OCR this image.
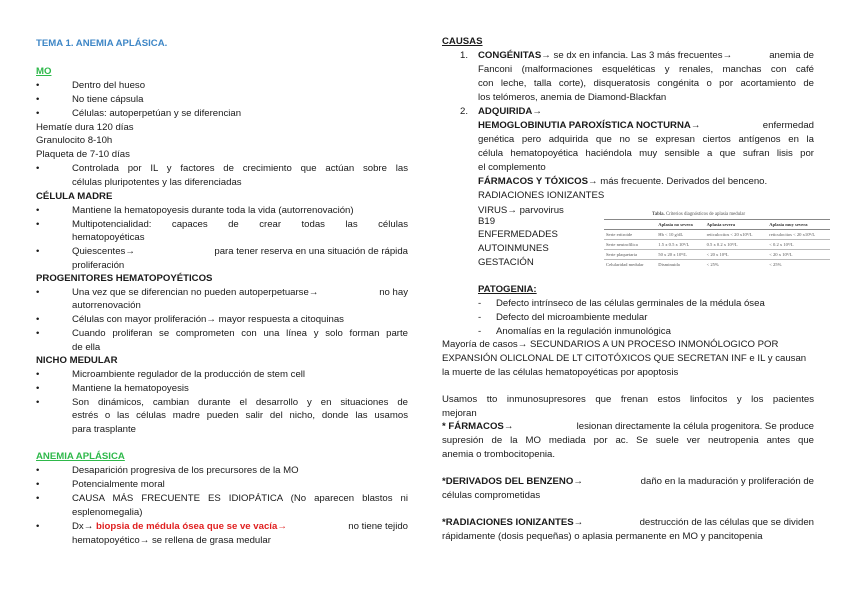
TEMA 1. ANEMIA APLÁSICA.
MO
•	Dentro del hueso
•	No tiene cápsula
•	Células: autoperpetúan y se diferencian
Hematíe dura 120 días
Granulocito 8-10h
Plaqueta de 7-10 días
•	Controlada por IL y factores de crecimiento que actúan sobre las
células pluripotentes y las diferenciadas
CÉLULA MADRE
•	Mantiene la hematopoyesis durante toda la vida (autorrenovación)
•	Multipotencialidad: capaces de crear todas las células
hematopoyéticas
•	Quiescentes→	para tener reserva en una situación de rápida
proliferación
PROGENITORES HEMATOPOYÉTICOS
•	Una vez que se diferencian no pueden autoperpetuarse→	no hay
autorrenovación
•	Células con mayor proliferación→ mayor respuesta a citoquinas
•	Cuando proliferan se comprometen con una línea y solo forman parte
de ella
NICHO MEDULAR
•	Microambiente regulador de la producción de stem cell
•	Mantiene la hematopoyesis
•	Son dinámicos, cambian durante el desarrollo y en situaciones de
estrés o las células madre pueden salir del nicho, donde las usamos
para trasplante
ANEMIA APLÁSICA
•	Desaparición progresiva de los precursores de la MO
•	Potencialmente moral
•	CAUSA MÁS FRECUENTE ES IDIOPÁTICA (No aparecen blastos ni
esplenomegalia)
•	Dx→ biopsia de médula ósea que se ve vacía→	no tiene tejido
hematopoyético→ se rellena de grasa medular
CAUSAS
1. CONGÉNITAS→ se dx en infancia. Las 3 más frecuentes→	anemia de
Fanconi (malformaciones esqueléticas y renales, manchas con café
con leche, talla corte), disqueratosis congénita o por acortamiento de
los telómeros, anemia de Diamond-Blackfan
2. ADQUIRIDA→
HEMOGLOBINUTIA PAROXÍSTICA NOCTURNA→	enfermedad
genética pero adquirida que no se expresan ciertos antígenos en la
célula hematopoyética haciéndola muy sensible a que sufran lisis por
el complemento
FÁRMACOS Y TÓXICOS→ más frecuente. Derivados del benceno.
RADIACIONES IONIZANTES
VIRUS→ parvovirus
B19
ENFERMEDADES
AUTOINMUNES
GESTACIÓN
Tabla. Criterios diagnósticos de aplasia medular
	Aplasia no severa	Aplasia severa	Aplasia muy severa
Serie eritroide	Hb < 10 g/dL	reticulocitos < 20 x10⁹/L	reticulocitos < 20 x10⁹/L
Serie neutrofílica	1.5 x 0.5 x 10⁹/L	0.5 x 0.2 x 10⁹/L	< 0.2 x 10⁹/L
Serie plaquetaria	50 x 20 x 10⁹/L	< 20 x 10⁹L	< 20 x 10⁹/L
Celularidad medular	Disminuida	< 25%	< 25%
PATOGENIA:
- Defecto intrínseco de las células germinales de la médula ósea
- Defecto del microambiente medular
- Anomalías en la regulación inmunológica
Mayoría de casos→ SECUNDARIOS A UN PROCESO INMONÓLOGICO POR
EXPANSIÓN OLICLONAL DE LT CITOTÓXICOS QUE SECRETAN INF e IL y causan
la muerte de las células hematopoyéticas por apoptosis
Usamos tto inmunosupresores que frenan estos linfocitos y los pacientes
mejoran
* FÁRMACOS→	lesionan directamente la célula progenitora. Se produce
supresión de la MO mediada por ac. Se suele ver neutropenia antes que
anemia o trombocitopenia.
*DERIVADOS DEL BENZENO→	daño en la maduración y proliferación de
células comprometidas
*RADIACIONES IONIZANTES→	destrucción de las células que se dividen
rápidamente (dosis pequeñas) o aplasia permanente en MO y pancitopenia
